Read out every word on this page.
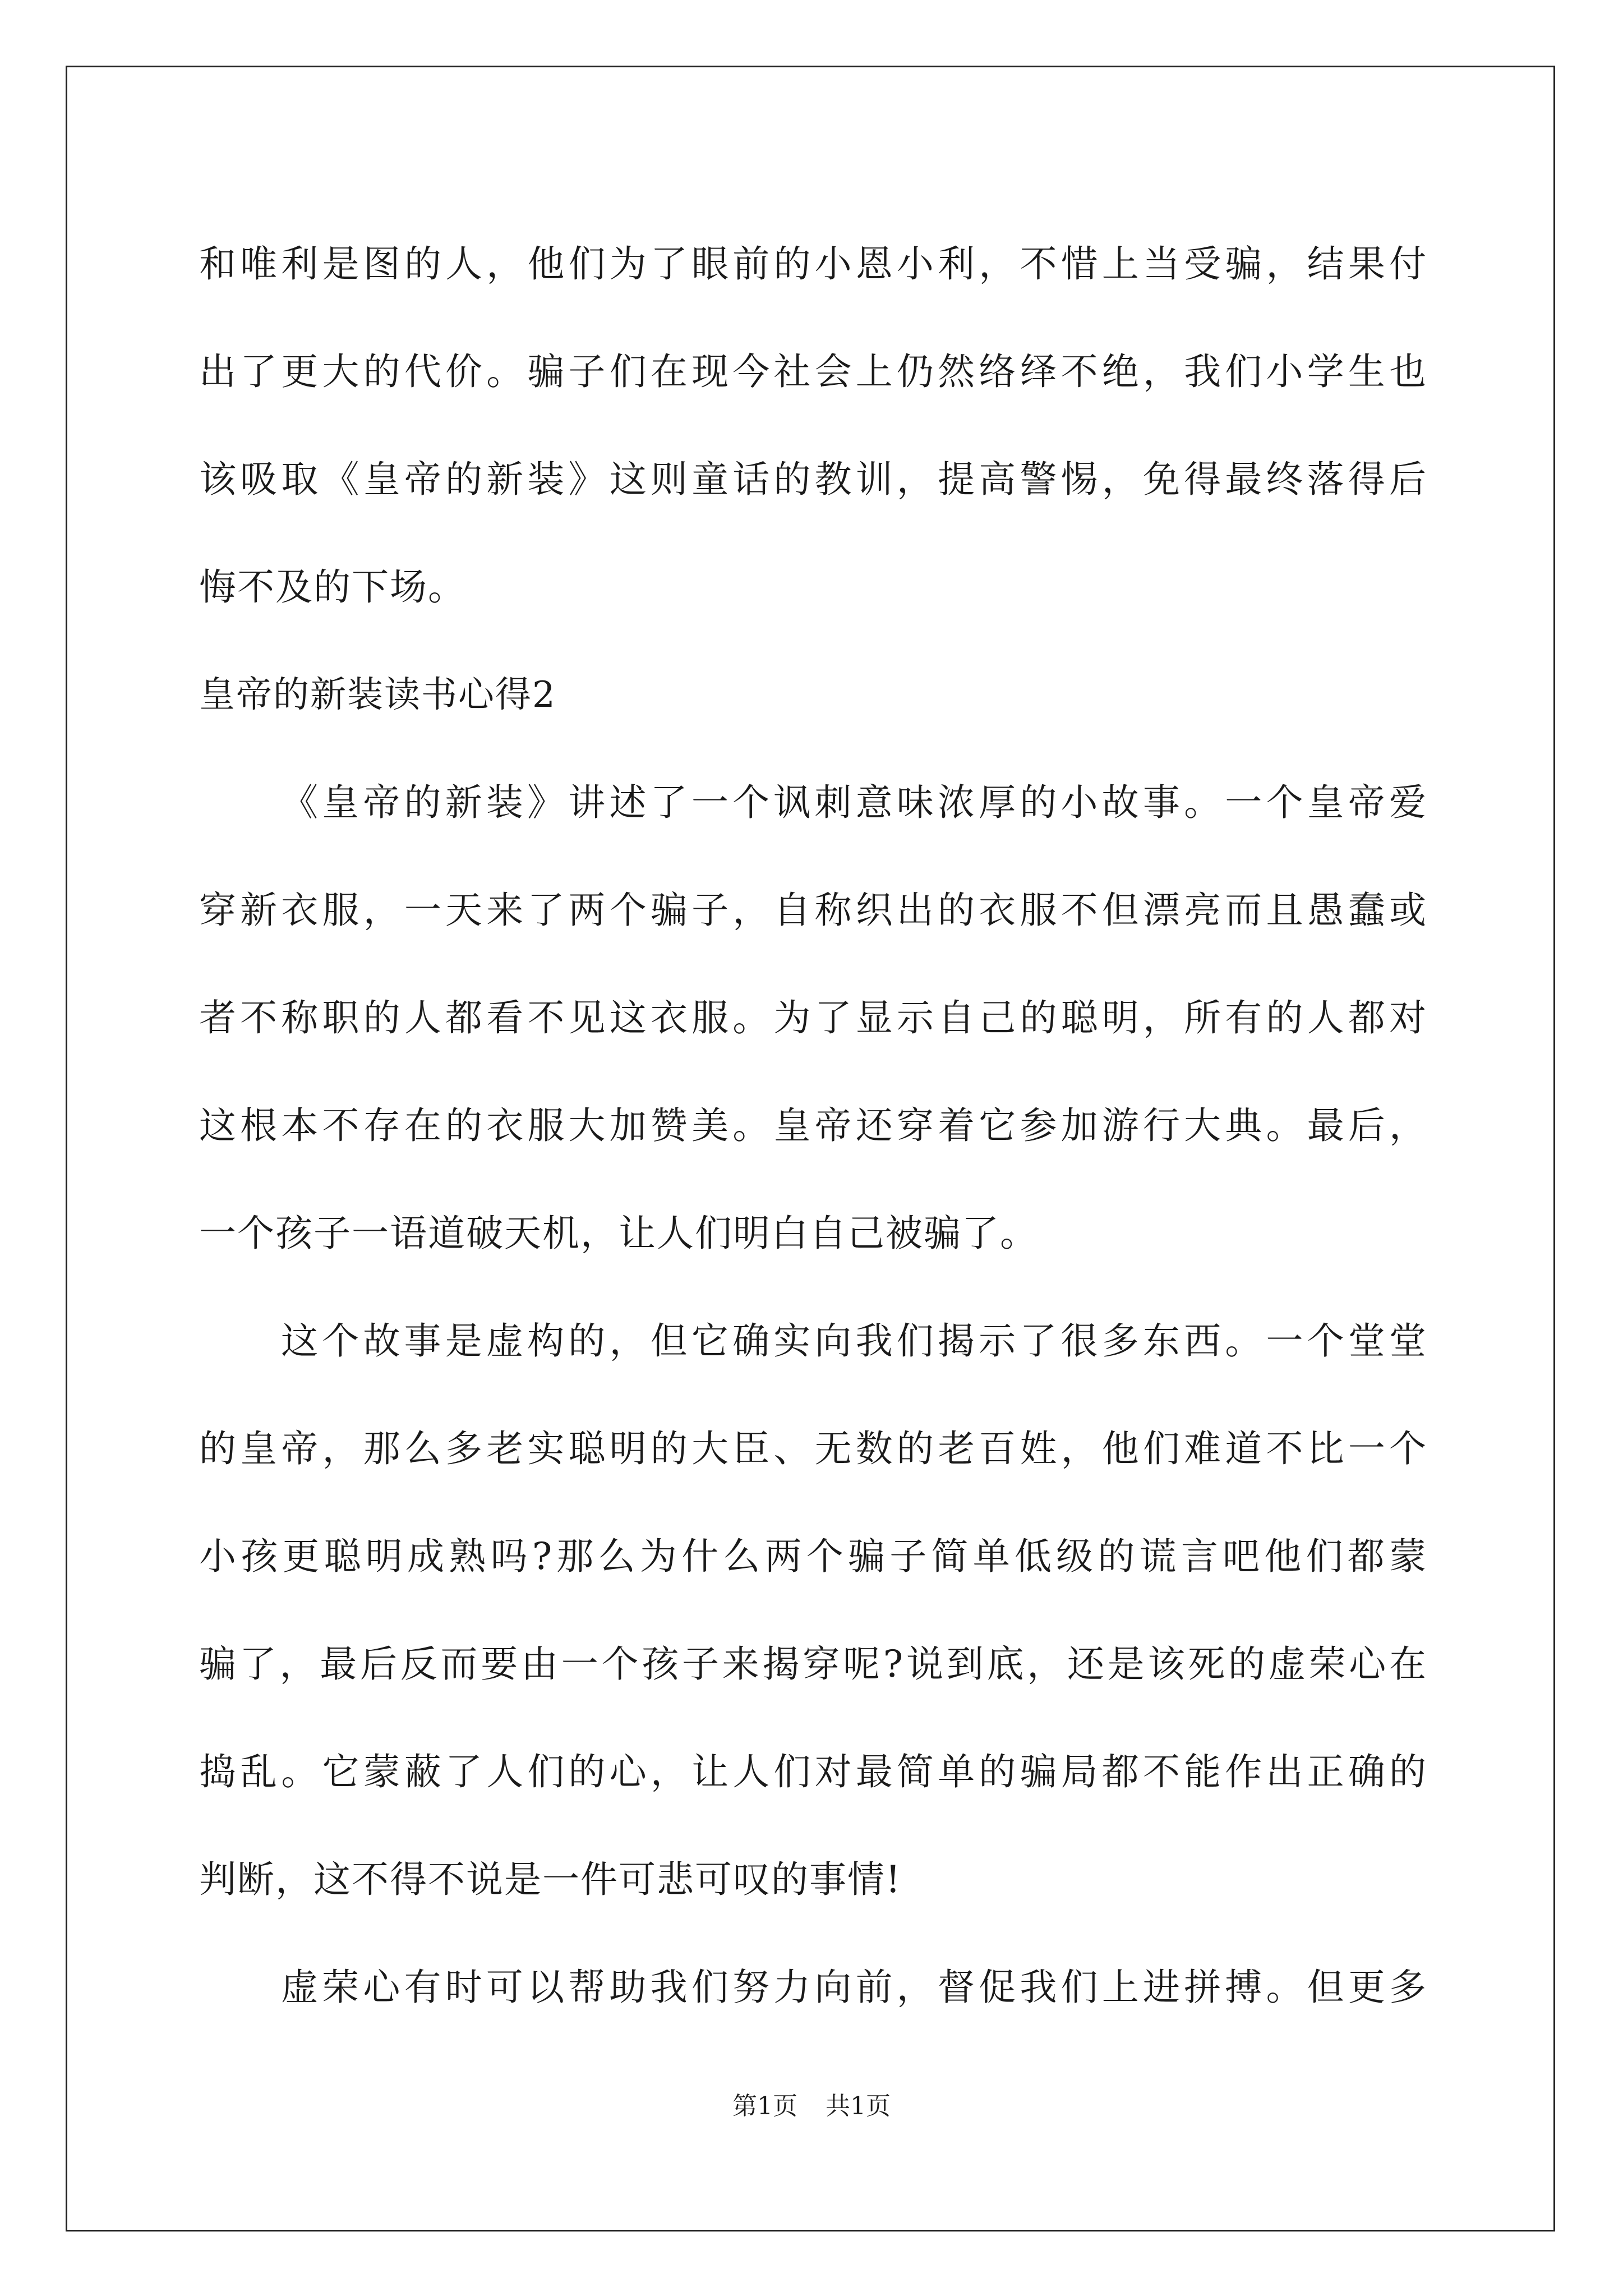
和唯利是图的人，他们为了眼前的小恩小利，不惜上当受骗，结果付
出了更大的代价。骗子们在现今社会上仍然络绎不绝，我们小学生也
该吸取《皇帝的新装》这则童话的教训，提高警惕，免得最终落得后
悔不及的下场。
皇帝的新装读书心得2
《皇帝的新装》讲述了一个讽刺意味浓厚的小故事。一个皇帝爱
穿新衣服，一天来了两个骗子，自称织出的衣服不但漂亮而且愚蠢或
者不称职的人都看不见这衣服。为了显示自己的聪明，所有的人都对
这根本不存在的衣服大加赞美。皇帝还穿着它参加游行大典。最后，
一个孩子一语道破天机，让人们明白自己被骗了。
这个故事是虚构的，但它确实向我们揭示了很多东西。一个堂堂
的皇帝，那么多老实聪明的大臣、无数的老百姓，他们难道不比一个
小孩更聪明成熟吗?那么为什么两个骗子简单低级的谎言吧他们都蒙
骗了，最后反而要由一个孩子来揭穿呢?说到底，还是该死的虚荣心在
捣乱。它蒙蔽了人们的心，让人们对最简单的骗局都不能作出正确的
判断，这不得不说是一件可悲可叹的事情!
虚荣心有时可以帮助我们努力向前，督促我们上进拼搏。但更多
第1页 共1页
